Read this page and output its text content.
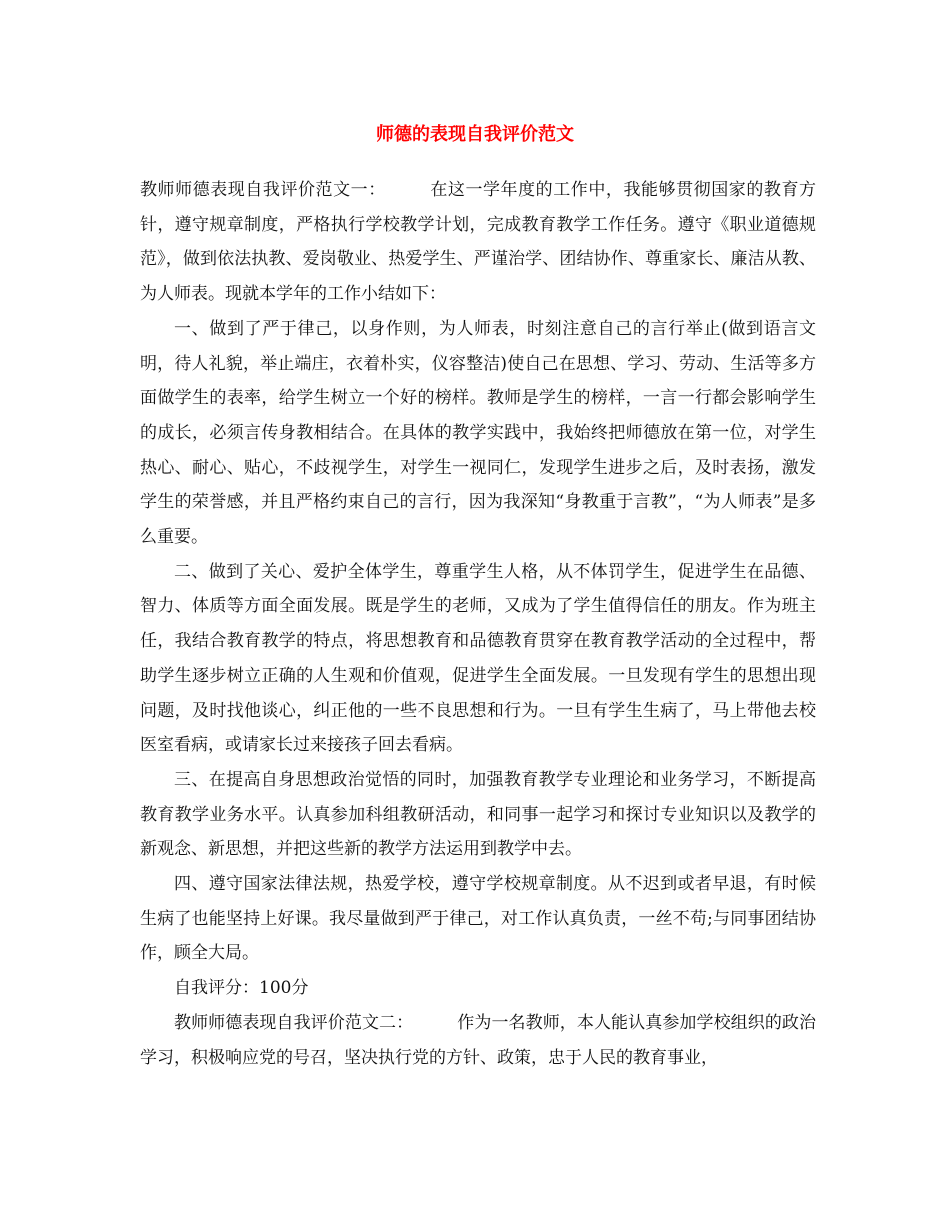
师德的表现自我评价范文

教师师德表现自我评价范文一：	在这一学年度的工作中，我能够贯彻国家的教育方针，遵守规章制度，严格执行学校教学计划，完成教育教学工作任务。遵守《职业道德规范》，做到依法执教、爱岗敬业、热爱学生、严谨治学、团结协作、尊重家长、廉洁从教、为人师表。现就本学年的工作小结如下：

一、做到了严于律己，以身作则，为人师表，时刻注意自己的言行举止(做到语言文明，待人礼貌，举止端庄，衣着朴实，仪容整洁)使自己在思想、学习、劳动、生活等多方面做学生的表率，给学生树立一个好的榜样。教师是学生的榜样，一言一行都会影响学生的成长，必须言传身教相结合。在具体的教学实践中，我始终把师德放在第一位，对学生热心、耐心、贴心，不歧视学生，对学生一视同仁，发现学生进步之后，及时表扬，激发学生的荣誉感，并且严格约束自己的言行，因为我深知“身教重于言教”，“为人师表”是多么重要。

二、做到了关心、爱护全体学生，尊重学生人格，从不体罚学生，促进学生在品德、智力、体质等方面全面发展。既是学生的老师，又成为了学生值得信任的朋友。作为班主任，我结合教育教学的特点，将思想教育和品德教育贯穿在教育教学活动的全过程中，帮助学生逐步树立正确的人生观和价值观，促进学生全面发展。一旦发现有学生的思想出现问题，及时找他谈心，纠正他的一些不良思想和行为。一旦有学生生病了，马上带他去校医室看病，或请家长过来接孩子回去看病。

三、在提高自身思想政治觉悟的同时，加强教育教学专业理论和业务学习，不断提高教育教学业务水平。认真参加科组教研活动，和同事一起学习和探讨专业知识以及教学的新观念、新思想，并把这些新的教学方法运用到教学中去。

四、遵守国家法律法规，热爱学校，遵守学校规章制度。从不迟到或者早退，有时候生病了也能坚持上好课。我尽量做到严于律己，对工作认真负责，一丝不苟;与同事团结协作，顾全大局。

自我评分：100分

教师师德表现自我评价范文二：	作为一名教师，本人能认真参加学校组织的政治学习，积极响应党的号召，坚决执行党的方针、政策，忠于人民的教育事业，
